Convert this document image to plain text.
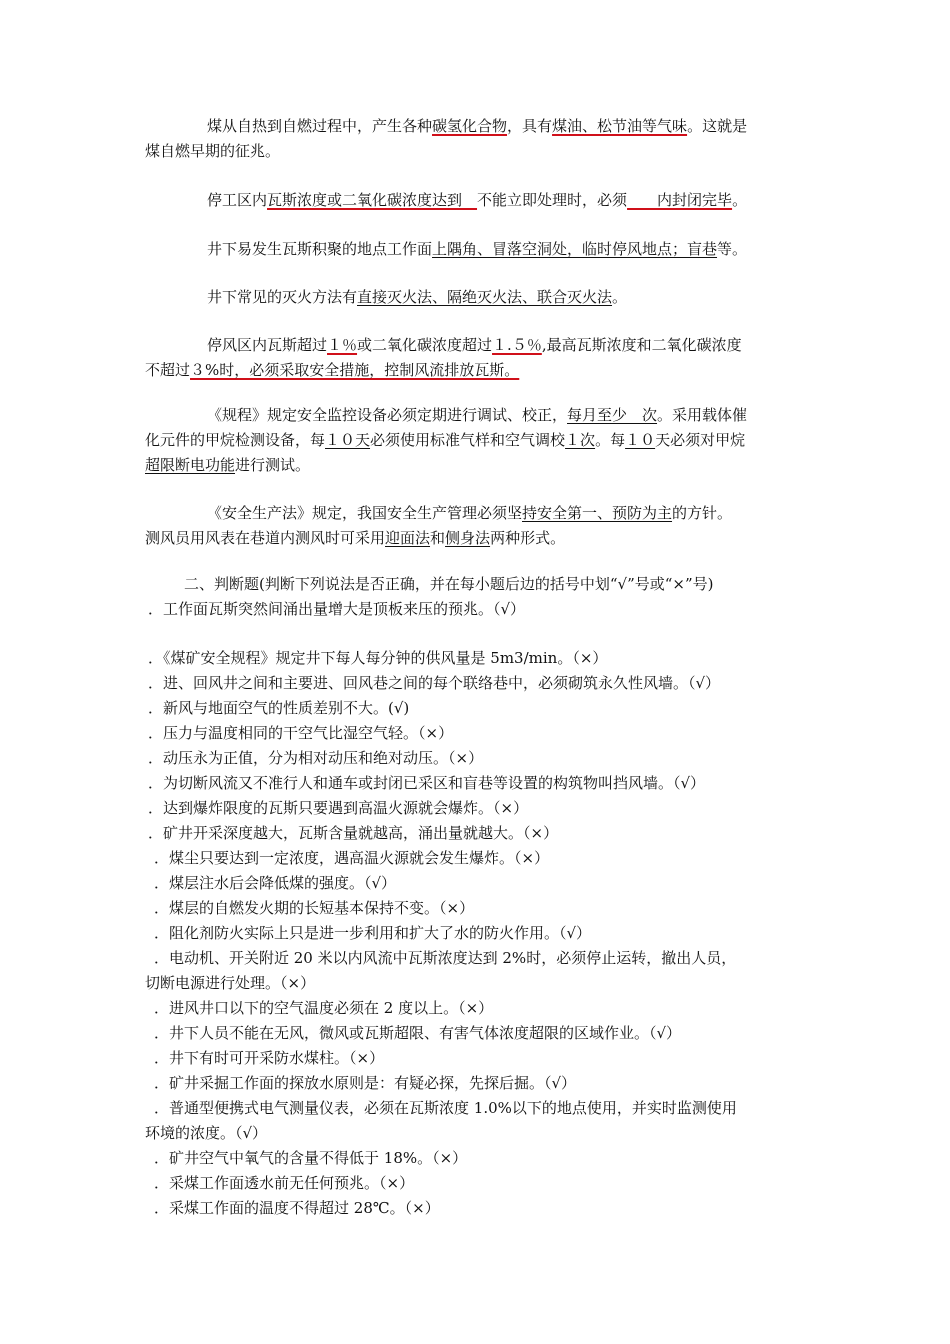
煤从自热到自燃过程中，产生各种碳氢化合物，具有煤油、松节油等气味。这就是
煤自燃早期的征兆。
停工区内瓦斯浓度或二氧化碳浓度达到　不能立即处理时，必须　　内封闭完毕。
井下易发生瓦斯积聚的地点工作面上隅角、冒落空洞处，临时停风地点；盲巷等。
井下常见的灭火方法有直接灭火法、隔绝灭火法、联合灭火法。
停风区内瓦斯超过１％或二氧化碳浓度超过１.５％,最高瓦斯浓度和二氧化碳浓度
不超过３%时，必须采取安全措施，控制风流排放瓦斯。
《规程》规定安全监控设备必须定期进行调试、校正，每月至少　次。采用载体催
化元件的甲烷检测设备，每１０天必须使用标准气样和空气调校１次。每１０天必须对甲烷
超限断电功能进行测试。
《安全生产法》规定，我国安全生产管理必须坚持安全第一、预防为主的方针。
测风员用风表在巷道内测风时可采用迎面法和侧身法两种形式。
二、判断题(判断下列说法是否正确，并在每小题后边的括号中划“√”号或“×”号)
．工作面瓦斯突然间涌出量增大是顶板来压的预兆。（√）
．《煤矿安全规程》规定井下每人每分钟的供风量是 5m3/min。（×）
．进、回风井之间和主要进、回风巷之间的每个联络巷中，必须砌筑永久性风墙。（√）
．新风与地面空气的性质差别不大。(√)
．压力与温度相同的干空气比湿空气轻。（×）
．动压永为正值，分为相对动压和绝对动压。（×）
．为切断风流又不准行人和通车或封闭已采区和盲巷等设置的构筑物叫挡风墙。（√）
．达到爆炸限度的瓦斯只要遇到高温火源就会爆炸。（×）
．矿井开采深度越大，瓦斯含量就越高，涌出量就越大。（×）
．煤尘只要达到一定浓度，遇高温火源就会发生爆炸。（×）
．煤层注水后会降低煤的强度。（√）
．煤层的自燃发火期的长短基本保持不变。（×）
．阻化剂防火实际上只是进一步利用和扩大了水的防火作用。（√）
．电动机、开关附近 20 米以内风流中瓦斯浓度达到 2%时，必须停止运转，撤出人员，
切断电源进行处理。（×）
．进风井口以下的空气温度必须在 2 度以上。（×）
．井下人员不能在无风，微风或瓦斯超限、有害气体浓度超限的区域作业。（√）
．井下有时可开采防水煤柱。（×）
．矿井采掘工作面的探放水原则是：有疑必探，先探后掘。（√）
．普通型便携式电气测量仪表，必须在瓦斯浓度 1.0%以下的地点使用，并实时监测使用
环境的浓度。（√）
．矿井空气中氧气的含量不得低于 18%。（×）
．采煤工作面透水前无任何预兆。（×）
．采煤工作面的温度不得超过 28℃。（×）
